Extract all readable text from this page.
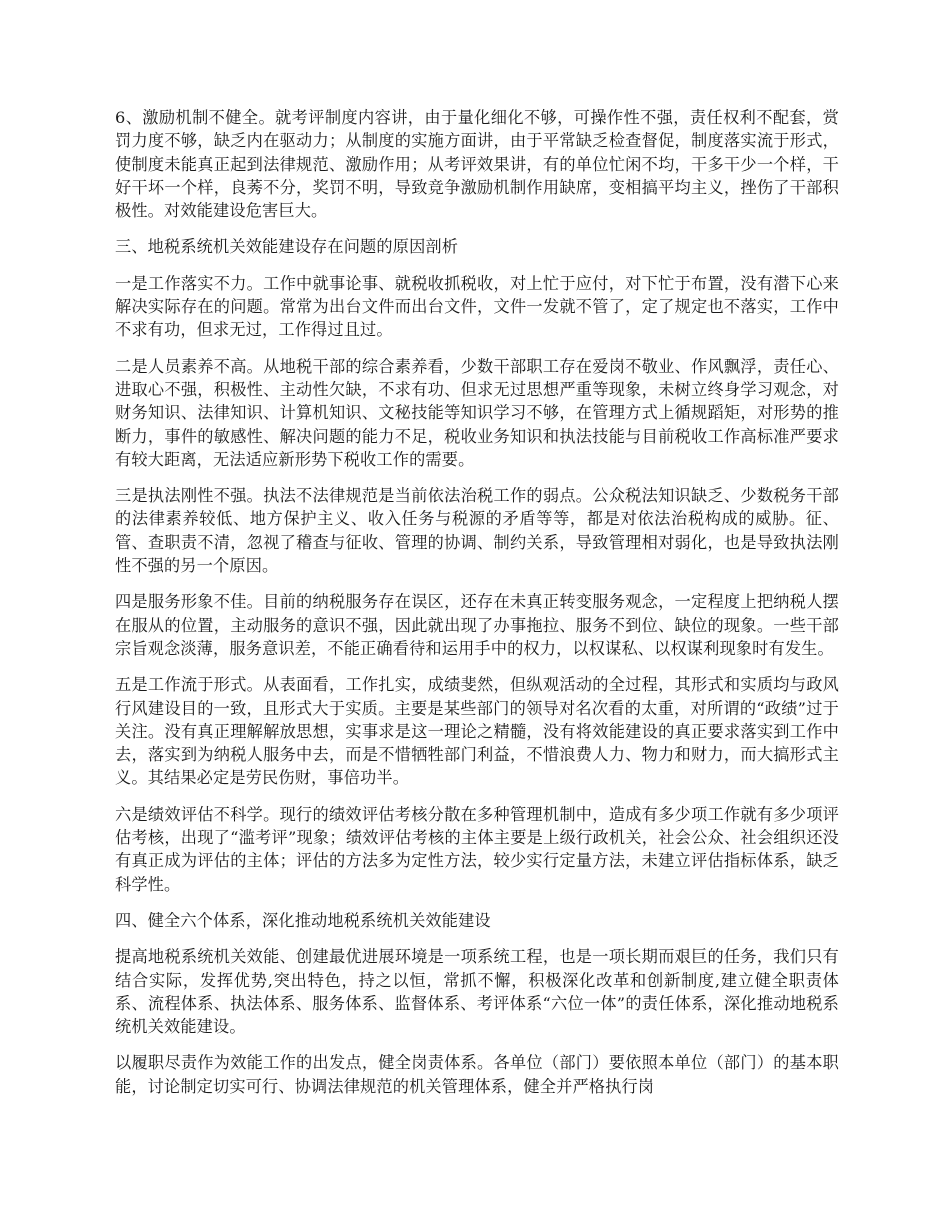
6、激励机制不健全。就考评制度内容讲，由于量化细化不够，可操作性不强，责任权利不配套，赏罚力度不够，缺乏内在驱动力；从制度的实施方面讲，由于平常缺乏检查督促，制度落实流于形式，使制度未能真正起到法律规范、激励作用；从考评效果讲，有的单位忙闲不均，干多干少一个样，干好干坏一个样，良莠不分，奖罚不明，导致竞争激励机制作用缺席，变相搞平均主义，挫伤了干部积极性。对效能建设危害巨大。

三、地税系统机关效能建设存在问题的原因剖析

一是工作落实不力。工作中就事论事、就税收抓税收，对上忙于应付，对下忙于布置，没有潜下心来解决实际存在的问题。常常为出台文件而出台文件，文件一发就不管了，定了规定也不落实，工作中不求有功，但求无过，工作得过且过。

二是人员素养不高。从地税干部的综合素养看，少数干部职工存在爱岗不敬业、作风飘浮，责任心、进取心不强，积极性、主动性欠缺，不求有功、但求无过思想严重等现象，未树立终身学习观念，对财务知识、法律知识、计算机知识、文秘技能等知识学习不够，在管理方式上循规蹈矩，对形势的推断力，事件的敏感性、解决问题的能力不足，税收业务知识和执法技能与目前税收工作高标准严要求有较大距离，无法适应新形势下税收工作的需要。

三是执法刚性不强。执法不法律规范是当前依法治税工作的弱点。公众税法知识缺乏、少数税务干部的法律素养较低、地方保护主义、收入任务与税源的矛盾等等，都是对依法治税构成的威胁。征、管、查职责不清，忽视了稽查与征收、管理的协调、制约关系，导致管理相对弱化，也是导致执法刚性不强的另一个原因。

四是服务形象不佳。目前的纳税服务存在误区，还存在未真正转变服务观念，一定程度上把纳税人摆在服从的位置，主动服务的意识不强，因此就出现了办事拖拉、服务不到位、缺位的现象。一些干部宗旨观念淡薄，服务意识差，不能正确看待和运用手中的权力，以权谋私、以权谋利现象时有发生。

五是工作流于形式。从表面看，工作扎实，成绩斐然，但纵观活动的全过程，其形式和实质均与政风行风建设目的一致，且形式大于实质。主要是某些部门的领导对名次看的太重，对所谓的“政绩”过于关注。没有真正理解解放思想，实事求是这一理论之精髓，没有将效能建设的真正要求落实到工作中去，落实到为纳税人服务中去，而是不惜牺牲部门利益，不惜浪费人力、物力和财力，而大搞形式主义。其结果必定是劳民伤财，事倍功半。

六是绩效评估不科学。现行的绩效评估考核分散在多种管理机制中，造成有多少项工作就有多少项评估考核，出现了“滥考评”现象；绩效评估考核的主体主要是上级行政机关，社会公众、社会组织还没有真正成为评估的主体；评估的方法多为定性方法，较少实行定量方法，未建立评估指标体系，缺乏科学性。

四、健全六个体系，深化推动地税系统机关效能建设

提高地税系统机关效能、创建最优进展环境是一项系统工程，也是一项长期而艰巨的任务，我们只有结合实际，发挥优势,突出特色，持之以恒，常抓不懈，积极深化改革和创新制度,建立健全职责体系、流程体系、执法体系、服务体系、监督体系、考评体系“六位一体”的责任体系，深化推动地税系统机关效能建设。

以履职尽责作为效能工作的出发点，健全岗责体系。各单位（部门）要依照本单位（部门）的基本职能，讨论制定切实可行、协调法律规范的机关管理体系，健全并严格执行岗
